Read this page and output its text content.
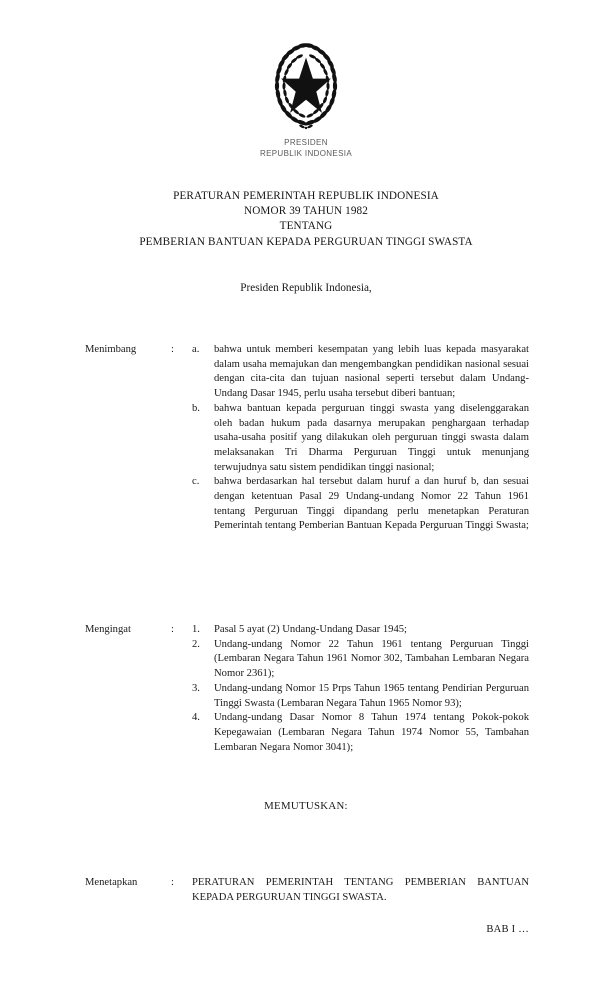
PRESIDEN
REPUBLIK INDONESIA
PERATURAN PEMERINTAH REPUBLIK INDONESIA
NOMOR 39 TAHUN 1982
TENTANG
PEMBERIAN BANTUAN KEPADA PERGURUAN TINGGI SWASTA
Presiden Republik Indonesia,
Menimbang	:	a.	bahwa untuk memberi kesempatan yang lebih luas kepada masyarakat dalam usaha memajukan dan mengembangkan pendidikan nasional sesuai dengan cita-cita dan tujuan nasional seperti tersebut dalam Undang-Undang Dasar 1945, perlu usaha tersebut diberi bantuan;
b.	bahwa bantuan kepada perguruan tinggi swasta yang diselenggarakan oleh badan hukum pada dasarnya merupakan penghargaan terhadap usaha-usaha positif yang dilakukan oleh perguruan tinggi swasta dalam melaksanakan Tri Dharma Perguruan Tinggi untuk menunjang terwujudnya satu sistem pendidikan tinggi nasional;
c.	bahwa berdasarkan hal tersebut dalam huruf a dan huruf b, dan sesuai dengan ketentuan Pasal 29 Undang-undang Nomor 22 Tahun 1961 tentang Perguruan Tinggi dipandang perlu menetapkan Peraturan Pemerintah tentang Pemberian Bantuan Kepada Perguruan Tinggi Swasta;
Mengingat	:	1.	Pasal 5 ayat (2) Undang-Undang Dasar 1945;
2.	Undang-undang Nomor 22 Tahun 1961 tentang Perguruan Tinggi (Lembaran Negara Tahun 1961 Nomor 302, Tambahan Lembaran Negara Nomor 2361);
3.	Undang-undang Nomor 15 Prps Tahun 1965 tentang Pendirian Perguruan Tinggi Swasta (Lembaran Negara Tahun 1965 Nomor 93);
4.	Undang-undang Dasar Nomor 8 Tahun 1974 tentang Pokok-pokok Kepegawaian (Lembaran Negara Tahun 1974 Nomor 55, Tambahan Lembaran Negara Nomor 3041);
MEMUTUSKAN:
Menetapkan	:	PERATURAN PEMERINTAH TENTANG PEMBERIAN BANTUAN KEPADA PERGURUAN TINGGI SWASTA.
BAB I …
